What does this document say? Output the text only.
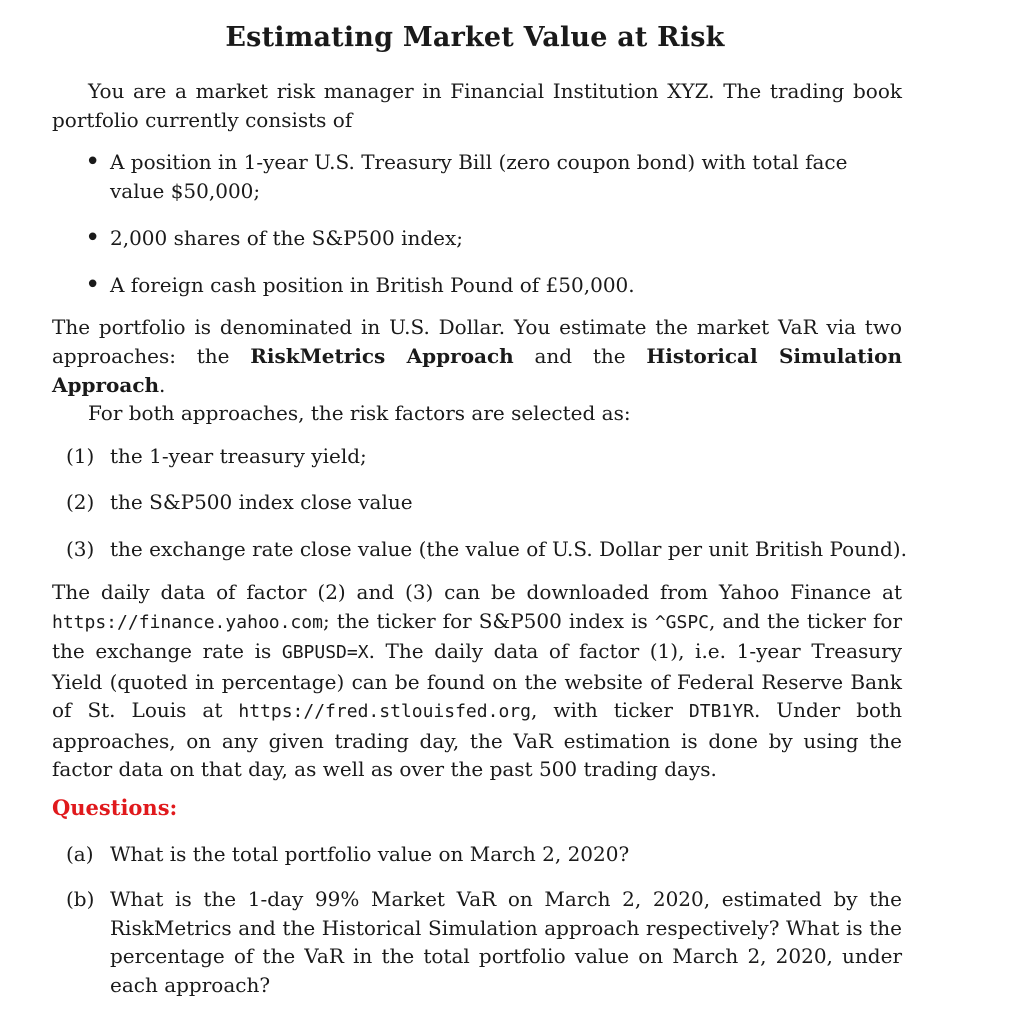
Estimating Market Value at Risk

You are a market risk manager in Financial Institution XYZ. The trading book portfolio currently consists of

• A position in 1-year U.S. Treasury Bill (zero coupon bond) with total face value $50,000;
• 2,000 shares of the S&P500 index;
• A foreign cash position in British Pound of £50,000.

The portfolio is denominated in U.S. Dollar. You estimate the market VaR via two approaches: the RiskMetrics Approach and the Historical Simulation Approach.

For both approaches, the risk factors are selected as:

(1) the 1-year treasury yield;
(2) the S&P500 index close value
(3) the exchange rate close value (the value of U.S. Dollar per unit British Pound).

The daily data of factor (2) and (3) can be downloaded from Yahoo Finance at https://finance.yahoo.com; the ticker for S&P500 index is ^GSPC, and the ticker for the exchange rate is GBPUSD=X. The daily data of factor (1), i.e. 1-year Treasury Yield (quoted in percentage) can be found on the website of Federal Reserve Bank of St. Louis at https://fred.stlouisfed.org, with ticker DTB1YR. Under both approaches, on any given trading day, the VaR estimation is done by using the factor data on that day, as well as over the past 500 trading days.

Questions:

(a) What is the total portfolio value on March 2, 2020?
(b) What is the 1-day 99% Market VaR on March 2, 2020, estimated by the RiskMetrics and the Historical Simulation approach respectively? What is the percentage of the VaR in the total portfolio value on March 2, 2020, under each approach?
